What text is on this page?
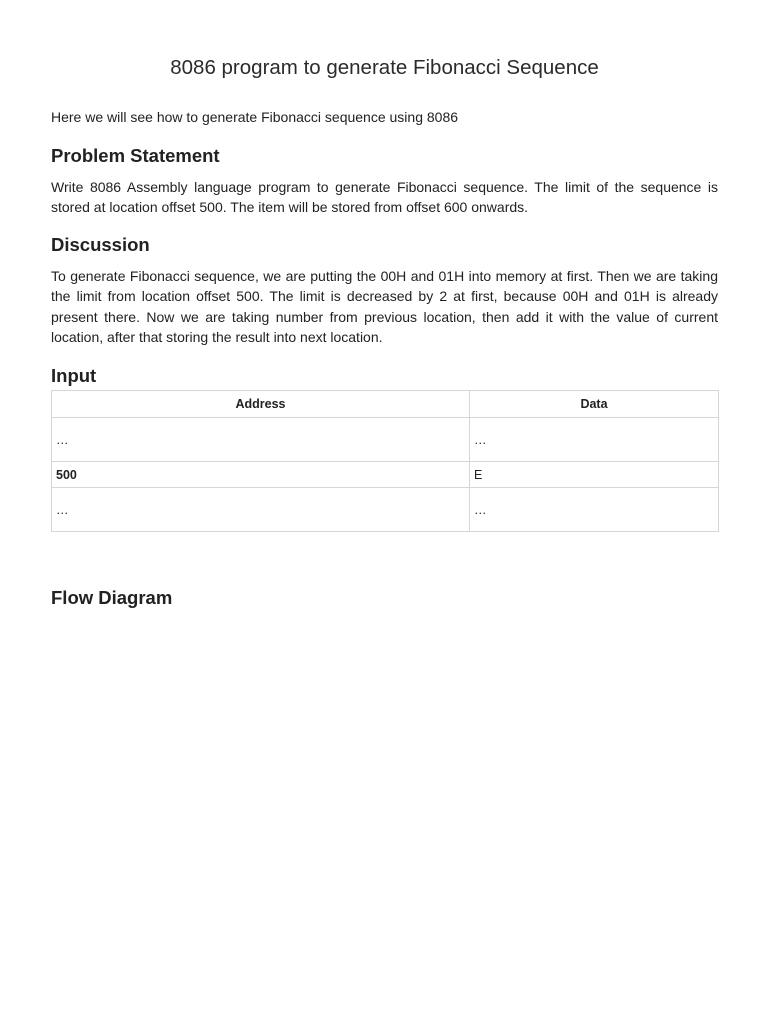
8086 program to generate Fibonacci Sequence

Here we will see how to generate Fibonacci sequence using 8086

Problem Statement

Write 8086 Assembly language program to generate Fibonacci sequence. The limit of the sequence is stored at location offset 500. The item will be stored from offset 600 onwards.

Discussion

To generate Fibonacci sequence, we are putting the 00H and 01H into memory at first. Then we are taking the limit from location offset 500. The limit is decreased by 2 at first, because 00H and 01H is already present there. Now we are taking number from previous location, then add it with the value of current location, after that storing the result into next location.

Input
Address	Data
…	…
500	E
…	…
Flow Diagram
